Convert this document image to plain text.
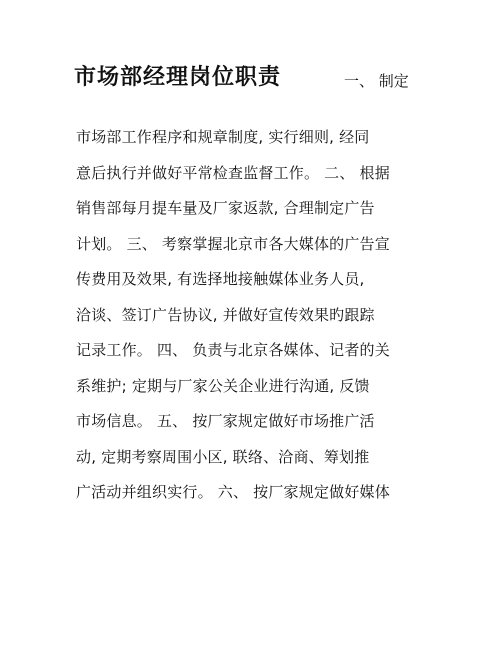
市场部经理岗位职责	一、 制定
市场部工作程序和规章制度, 实行细则, 经同
意后执行并做好平常检查监督工作。 二、 根据
销售部每月提车量及厂家返款, 合理制定广告
计划。 三、 考察掌握北京市各大媒体的广告宣
传费用及效果, 有选择地接触媒体业务人员,
洽谈、签订广告协议, 并做好宣传效果旳跟踪
记录工作。 四、 负责与北京各媒体、记者的关
系维护; 定期与厂家公关企业进行沟通, 反馈
市场信息。 五、 按厂家规定做好市场推广活
动, 定期考察周围小区, 联络、洽商、筹划推
广活动并组织实行。 六、 按厂家规定做好媒体
